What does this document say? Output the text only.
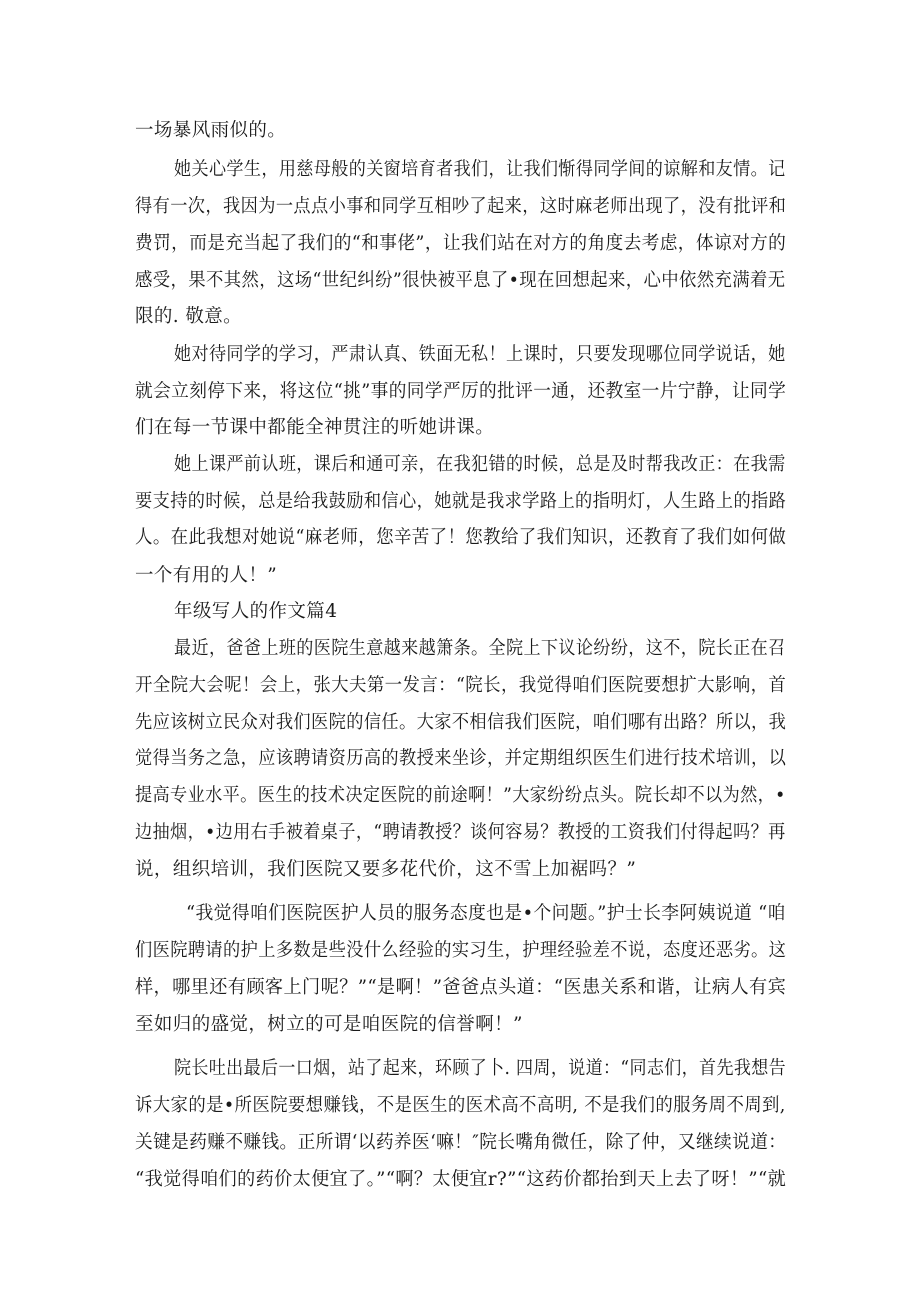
一场暴风雨似的。
她关心学生，用慈母般的关窗培育者我们，让我们惭得同学间的谅解和友情。记
得有一次，我因为一点点小事和同学互相吵了起来，这时麻老师出现了，没有批评和
费罚，而是充当起了我们的“和事佬”，让我们站在对方的角度去考虑，体谅对方的
感受，果不其然，这场“世纪纠纷”很快被平息了•现在回想起来，心中依然充满着无
限的. 敬意。
她对待同学的学习，严肃认真、铁面无私！上课时，只要发现哪位同学说话，她
就会立刻停下来，将这位“挑”事的同学严厉的批评一通，还教室一片宁静，让同学
们在每一节课中都能全神贯注的听她讲课。
她上课严前认班，课后和通可亲，在我犯错的时候，总是及时帮我改正：在我需
要支持的时候，总是给我鼓励和信心，她就是我求学路上的指明灯，人生路上的指路
人。在此我想对她说“麻老师，您辛苦了！您教给了我们知识，还教育了我们如何做
一个有用的人！”
年级写人的作文篇4
最近，爸爸上班的医院生意越来越箫条。全院上下议论纷纷，这不，院长正在召
开全院大会呢！会上，张大夫第一发言：“院长，我觉得咱们医院要想扩大影响，首
先应该树立民众对我们医院的信任。大家不相信我们医院，咱们哪有出路？所以，我
觉得当务之急，应该聘请资历高的教授来坐诊，并定期组织医生们进行技术培训，以
提高专业水平。医生的技术决定医院的前途啊！”大家纷纷点头。院长却不以为然，•
边抽烟，•边用右手被着桌子，“聘请教授？谈何容易？教授的工资我们付得起吗？再
说，组织培训，我们医院又要多花代价，这不雪上加裾吗？”
“我觉得咱们医院医护人员的服务态度也是•个问题。”护士长李阿姨说道 “咱
们医院聘请的护上多数是些没什么经验的实习生，护理经验差不说，态度还恶劣。这
样，哪里还有顾客上门呢？”“是啊！”爸爸点头道：“医患关系和谐，让病人有宾
至如归的盛觉，树立的可是咱医院的信誉啊！”
院长吐出最后一口烟，站了起来，环顾了卜. 四周，说道：“同志们，首先我想告
诉大家的是•所医院要想赚钱，不是医生的医术高不高明, 不是我们的服务周不周到,
关键是药赚不赚钱。正所谓‘以药养医‘嘛！″院长嘴角微任，除了仲，又继续说道：
“我觉得咱们的药价太便宜了。”“啊？太便宜r?”“这药价都抬到天上去了呀！”“就
